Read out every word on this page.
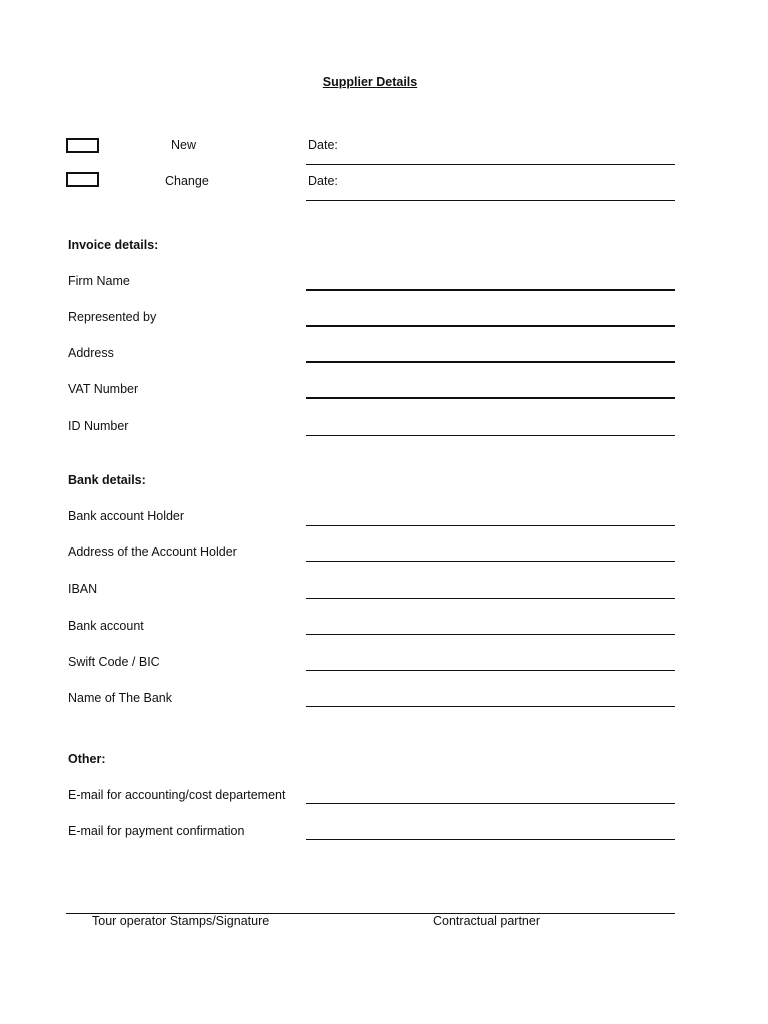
Supplier Details
New	Date:
Change	Date:
Invoice details:
Firm Name
Represented by
Address
VAT Number
ID Number
Bank details:
Bank account Holder
Address of the Account Holder
IBAN
Bank account
Swift Code / BIC
Name of The Bank
Other:
E-mail for accounting/cost departement
E-mail for payment confirmation
Tour operator Stamps/Signature	Contractual partner
